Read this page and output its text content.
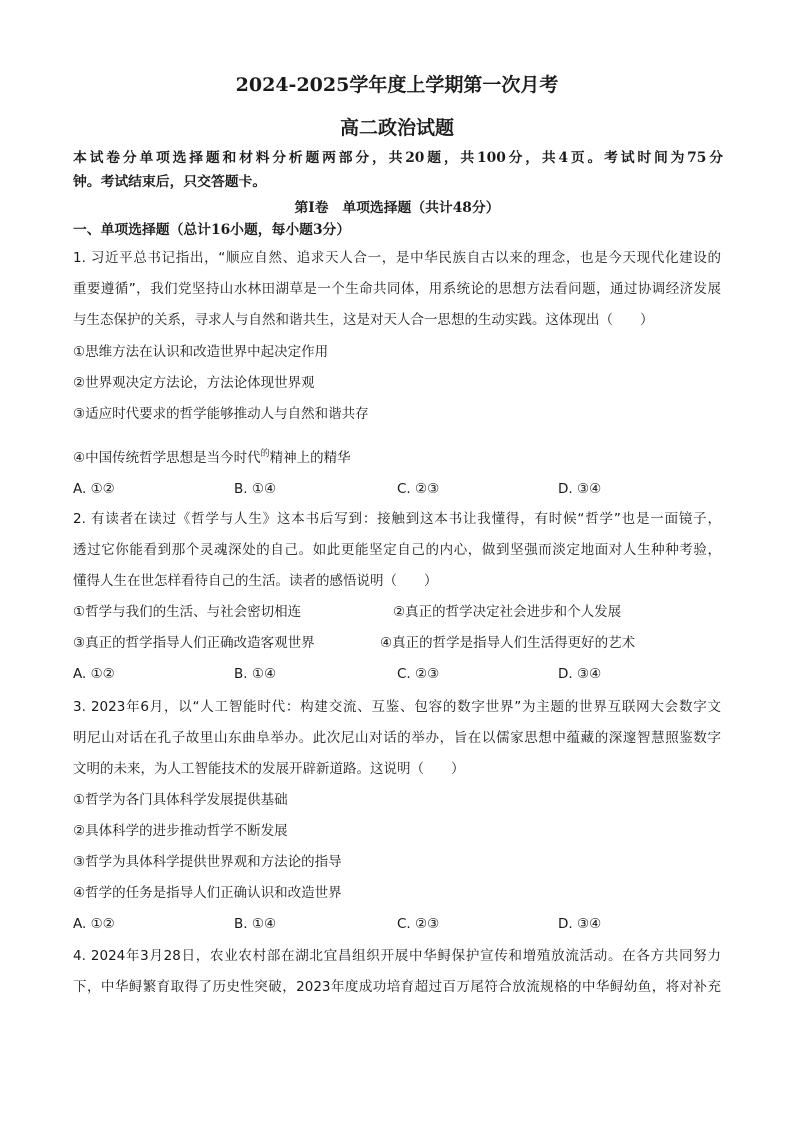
2024-2025学年度上学期第一次月考
高二政治试题
本试卷分单项选择题和材料分析题两部分，共20题，共100分，共4页。考试时间为75分
钟。考试结束后，只交答题卡。
第Ⅰ卷　单项选择题（共计48分）
一、单项选择题（总计16小题，每小题3分）
1. 习近平总书记指出，“顺应自然、追求天人合一，是中华民族自古以来的理念，也是今天现代化建设的
重要遵循”，我们党坚持山水林田湖草是一个生命共同体，用系统论的思想方法看问题，通过协调经济发展
与生态保护的关系，寻求人与自然和谐共生，这是对天人合一思想的生动实践。这体现出（　　）
①思维方法在认识和改造世界中起决定作用
②世界观决定方法论，方法论体现世界观
③适应时代要求的哲学能够推动人与自然和谐共存
④中国传统哲学思想是当今时代$^的$精神上的精华
A. ①②	B. ①④	C. ②③	D. ③④
2. 有读者在读过《哲学与人生》这本书后写到：接触到这本书让我懂得，有时候“哲学”也是一面镜子，
透过它你能看到那个灵魂深处的自己。如此更能坚定自己的内心，做到坚强而淡定地面对人生种种考验，
懂得人生在世怎样看待自己的生活。读者的感悟说明（　　）
①哲学与我们的生活、与社会密切相连	②真正的哲学决定社会进步和个人发展
③真正的哲学指导人们正确改造客观世界	④真正的哲学是指导人们生活得更好的艺术
A. ①②	B. ①④	C. ②③	D. ③④
3. 2023年6月，以“人工智能时代：构建交流、互鉴、包容的数字世界”为主题的世界互联网大会数字文
明尼山对话在孔子故里山东曲阜举办。此次尼山对话的举办，旨在以儒家思想中蕴藏的深邃智慧照鉴数字
文明的未来，为人工智能技术的发展开辟新道路。这说明（　　）
①哲学为各门具体科学发展提供基础
②具体科学的进步推动哲学不断发展
③哲学为具体科学提供世界观和方法论的指导
④哲学的任务是指导人们正确认识和改造世界
A. ①②	B. ①④	C. ②③	D. ③④
4. 2024年3月28日，农业农村部在湖北宜昌组织开展中华鲟保护宣传和增殖放流活动。在各方共同努力
下，中华鲟繁育取得了历史性突破，2023年度成功培育超过百万尾符合放流规格的中华鲟幼鱼，将对补充
